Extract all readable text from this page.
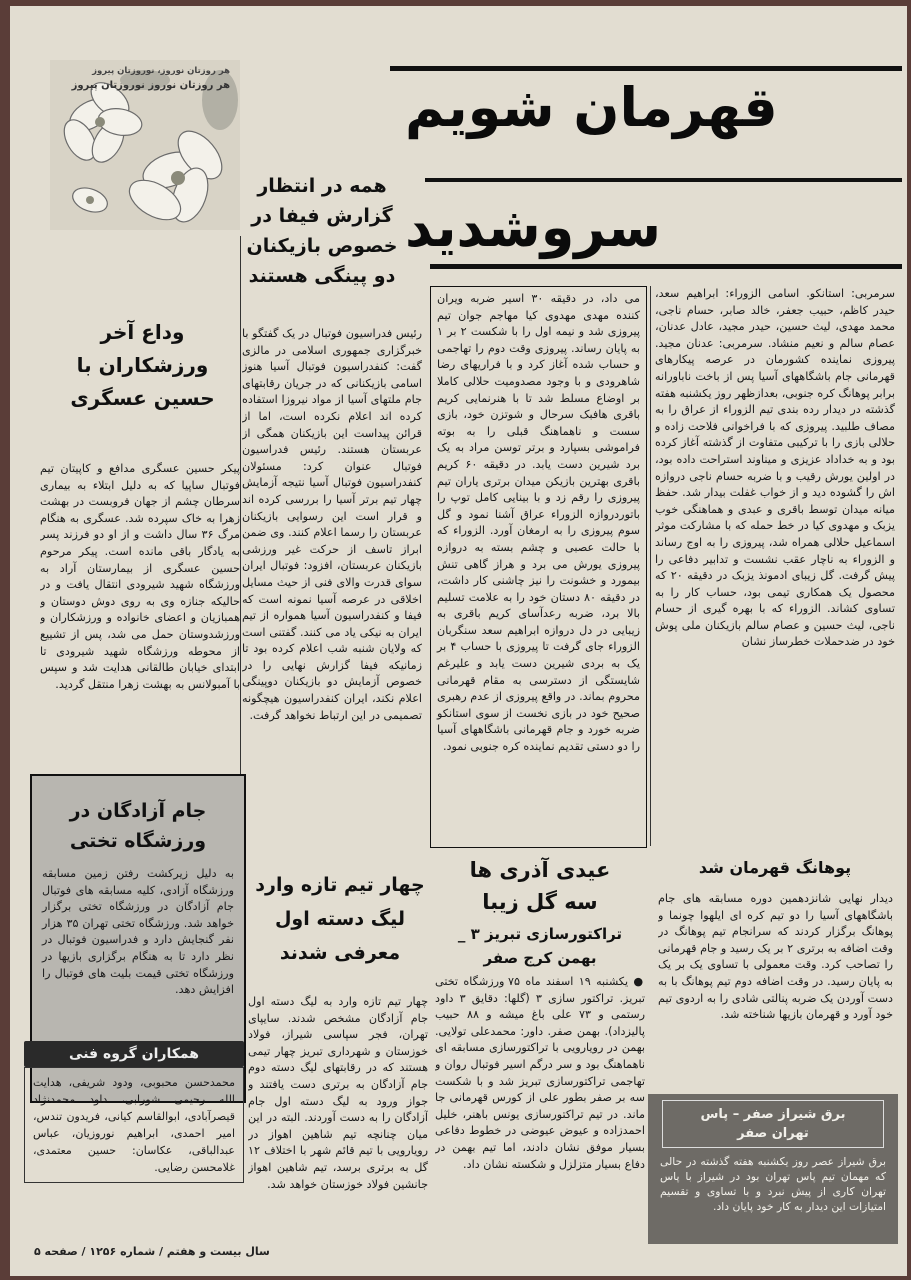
هر روزتان نوروز، نوروزتان پیروز
هر روزتان نوروز نوروزتان پیروز	قهرمان شویم
سروشدید
همه در انتظار
گزارش فیفا در
خصوص بازیکنان
دو پینگی هستند
رئیس فدراسیون فوتبال در یک گفتگو با خبرگزاری جمهوری اسلامی در مالزی گفت: کنفدراسیون فوتبال آسیا هنوز اسامی بازیکنانی که در جریان رقابتهای جام ملتهای آسیا از مواد نیروزا استفاده کرده اند اعلام نکرده است، اما از قرائن پیداست این بازیکنان همگی از عربستان هستند. رئیس فدراسیون فوتبال عنوان کرد: مسئولان کنفدراسیون فوتبال آسیا نتیجه آزمایش چهار تیم برتر آسیا را بررسی کرده اند و قرار است این رسوایی بازیکنان عربستان را رسما اعلام کنند. وی ضمن ابراز تاسف از حرکت غیر ورزشی بازیکنان عربستان، افزود: فوتبال ایران سوای قدرت والای فنی از حیث مسایل اخلاقی در عرصه آسیا نمونه است که فیفا و کنفدراسیون آسیا همواره از تیم ایران به نیکی یاد می کنند. گفتنی است که ولایان شنبه شب اعلام کرده بود تا زمانیکه فیفا گزارش نهایی را در خصوص آزمایش دو بازیکنان دوپینگی اعلام نکند، ایران کنفدراسیون هیچگونه تصمیمی در این ارتباط نخواهد گرفت.
وداع آخر
ورزشکاران با
حسین عسگری
پیکر حسین عسگری مدافع و کاپیتان تیم فوتبال ساپیا که به دلیل ابتلاء به بیماری سرطان چشم از جهان فروبست در بهشت زهرا به خاک سپرده شد. عسگری به هنگام مرگ ۳۶ سال داشت و از او دو فرزند پسر به یادگار باقی مانده است. پیکر مرحوم حسین عسگری از بیمارستان آراد به ورزشگاه شهید شیرودی انتقال یافت و در حالیکه جنازه وی به روی دوش دوستان و همبازیان و اعضای خانواده و ورزشکاران و ورزشدوستان حمل می شد، پس از تشییع از محوطه ورزشگاه شهید شیرودی تا ابتدای خیابان طالقانی هدایت شد و سپس با آمبولانس به بهشت زهرا منتقل گردید.
سرمربی: استانکو. اسامی الزوراء: ابراهیم سعد، حیدر کاظم، حبیب جعفر، خالد صابر، حسام ناجی، محمد مهدی، لیث حسین، حیدر مجید، عادل عدنان، عصام سالم و نعیم منشاد. سرمربی: عدنان مجید. پیروزی نماینده کشورمان در عرصه پیکارهای قهرمانی جام باشگاههای آسیا پس از باخت ناباورانه برابر پوهانگ کره جنوبی، بعدازظهر روز یکشنبه هفته گذشته در دیدار رده بندی تیم الزوراء از عراق را به مصاف طلبید. پیروزی که با فراخوانی فلاحت زاده و حلالی بازی را با ترکیبی متفاوت از گذشته آغاز کرده بود و به خداداد عزیزی و میناوند استراحت داده بود، در اولین یورش رقیب و با ضربه حسام ناجی دروازه اش را گشوده دید و از خواب غفلت بیدار شد. حفظ میانه میدان توسط باقری و عبدی و هماهنگی خوب یزبک و مهدوی کیا در خط حمله که با مشارکت موثر اسماعیل حلالی همراه شد، پیروزی را به اوج رساند و الزوراء به ناچار عقب نشست و تدابیر دفاعی را پیش گرفت. گل زیبای ادمونذ یزبک در دقیقه ۲۰ که محصول یک همکاری تیمی بود، حساب کار را به تساوی کشاند. الزوراء که با بهره گیری از حسام ناجی، لیث حسین و عصام سالم بازیکنان ملی پوش خود در ضدحملات خطرساز نشان
می داد، در دقیقه ۳۰ اسیر ضربه ویران کننده مهدی مهدوی کیا مهاجم جوان تیم پیروزی شد و نیمه اول را با شکست ۲ بر ۱ به پایان رساند. پیروزی وقت دوم را تهاجمی و حساب شده آغاز کرد و با فراریهای رضا شاهرودی و با وجود مصدومیت حلالی کاملا بر اوضاع مسلط شد تا با هنرنمایی کریم باقری هافبک سرحال و شوتزن خود، بازی سست و ناهماهنگ قبلی را به بوته فراموشی بسپارد و برتر توسن مراد به یک برد شیرین دست یابد. در دقیقه ۶۰ کریم باقری بهترین بازیکن میدان برتری یاران تیم پیروزی را رقم زد و با بینایی کامل توپ را باتوردروازه الزوراء عراق آشنا نمود و گل سوم پیروزی را به ارمغان آورد. الزوراء که با حالت عصبی و چشم بسته به دروازه پیروزی یورش می برد و هراز گاهی تنش بیمورد و خشونت را نیز چاشنی کار داشت، در دقیقه ۸۰ دستان خود را به علامت تسلیم بالا برد، ضربه رعدآسای کریم باقری به زیبایی در دل دروازه ابراهیم سعد سنگربان الزوراء جای گرفت تا پیروزی با حساب ۴ بر یک به بردی شیرین دست یابد و علیرغم شایستگی از دسترسی به مقام قهرمانی محروم بماند. در واقع پیروزی از عدم رهبری صحیح خود در بازی نخست از سوی استانکو ضربه خورد و جام قهرمانی باشگاههای آسیا را دو دستی تقدیم نماینده کره جنوبی نمود.
جام آزادگان در
ورزشگاه تختی
به دلیل زیرکشت رفتن زمین مسابقه ورزشگاه آزادی، کلیه مسابقه های فوتبال جام آزادگان در ورزشگاه تختی برگزار خواهد شد. ورزشگاه تختی تهران ۳۵ هزار نفر گنجایش دارد و فدراسیون فوتبال در نظر دارد تا به هنگام برگزاری بازیها در ورزشگاه تختی قیمت بلیت های فوتبال را افزایش دهد.
چهار تیم تازه وارد
لیگ دسته اول
معرفی شدند
چهار تیم تازه وارد به لیگ دسته اول جام آزادگان مشخص شدند. سایپای تهران، فجر سپاسی شیراز، فولاد خوزستان و شهرداری تبریز چهار تیمی هستند که در رقابتهای لیگ دسته دوم جام آزادگان به برتری دست یافتند و جواز ورود به لیگ دسته اول جام آزادگان را به دست آوردند. البته در این میان چنانچه تیم شاهین اهواز در رویارویی با تیم قائم شهر با اختلاف ۱۲ گل به برتری برسد، تیم شاهین اهواز جانشین فولاد خوزستان خواهد شد.
عیدی آذری ها
سه گل زیبا
تراکتورسازی تبریز ۳ _
بهمن کرج صفر
● یکشنبه ۱۹ اسفند ماه ۷۵ ورزشگاه تختی تبریز. تراکتور سازی ۳ (گلها: دقایق ۳ داود رستمی و ۷۳ علی باغ میشه و ۸۸ حبیب پالیزداد). بهمن صفر. داور: محمدعلی تولایی. بهمن در رویارویی با تراکتورسازی مسابقه ای ناهماهنگ بود و سر درگم اسیر فوتبال روان و تهاجمی تراکتورسازی تبریز شد و با شکست سه بر صفر بطور علی از کورس قهرمانی جا ماند. در تیم تراکتورسازی یونس باهنر، خلیل احمدزاده و عیوض عیوضی در خطوط دفاعی بسیار موفق نشان دادند، اما تیم بهمن در دفاع بسیار متزلزل و شکسته نشان داد.
پوهانگ قهرمان شد
دیدار نهایی شانزدهمین دوره مسابقه های جام باشگاههای آسیا را دو تیم کره ای ایلهوا چونما و پوهانگ برگزار کردند که سرانجام تیم پوهانگ در وقت اضافه به برتری ۲ بر یک رسید و جام قهرمانی را تصاحب کرد. وقت معمولی با تساوی یک بر یک به پایان رسید. در وقت اضافه دوم تیم پوهانگ با به دست آوردن یک ضربه پنالتی شادی را به اردوی تیم خود آورد و قهرمان بازیها شناخته شد.
برق شیراز صفر – پاس
تهران صفر
برق شیراز عصر روز یکشنبه هفته گذشته در حالی که مهمان تیم پاس تهران بود در شیراز با پاس تهران کاری از پیش نبرد و با تساوی و تقسیم امتیازات این دیدار به کار خود پایان داد.
همکاران گروه فنی
محمدحسن محبوبی، ودود شریفی، هدایت الله رحیمی شورابی، داود محمدنژاد قیصرآبادی، ابوالقاسم کیانی، فریدون تندس، امیر احمدی، ابراهیم نوروزیان، عباس عبدالباقی، عکاسان: حسین معتمدی، غلامحسن رضایی.
سال بیست و هفتم / شماره ۱۲۵۶ / صفحه ۵
